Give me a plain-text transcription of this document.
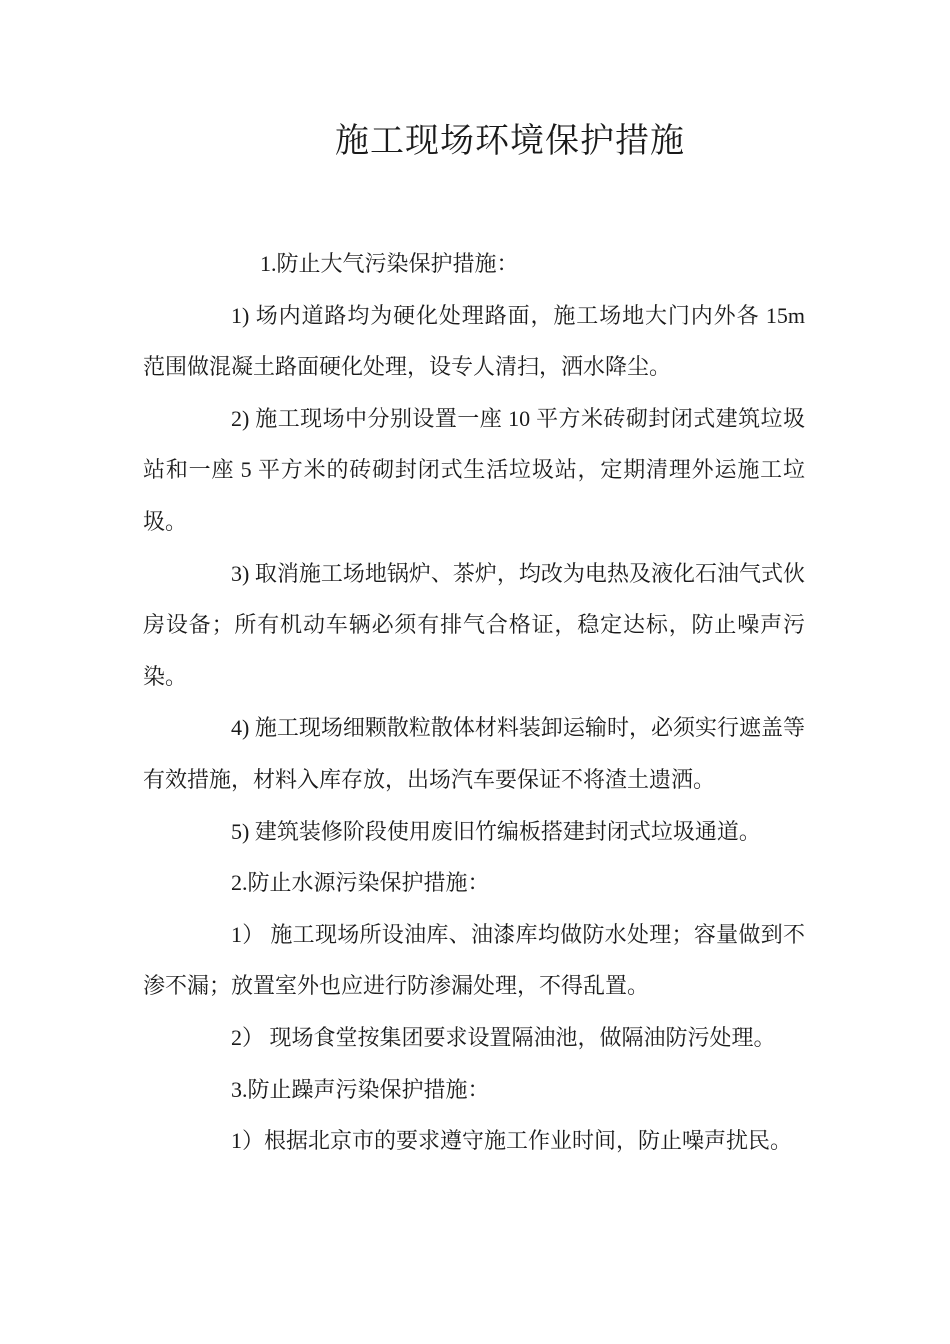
施工现场环境保护措施

1.防止大气污染保护措施：

1) 场内道路均为硬化处理路面，施工场地大门内外各 15m 范围做混凝土路面硬化处理，设专人清扫，洒水降尘。

2) 施工现场中分别设置一座 10 平方米砖砌封闭式建筑垃圾站和一座 5 平方米的砖砌封闭式生活垃圾站，定期清理外运施工垃圾。

3) 取消施工场地锅炉、茶炉，均改为电热及液化石油气式伙房设备；所有机动车辆必须有排气合格证，稳定达标，防止噪声污染。

4) 施工现场细颗散粒散体材料装卸运输时，必须实行遮盖等有效措施，材料入库存放，出场汽车要保证不将渣土遗洒。

5) 建筑装修阶段使用废旧竹编板搭建封闭式垃圾通道。

2.防止水源污染保护措施：

1） 施工现场所设油库、油漆库均做防水处理；容量做到不渗不漏；放置室外也应进行防渗漏处理，不得乱置。

2） 现场食堂按集团要求设置隔油池，做隔油防污处理。

3.防止躁声污染保护措施：

1）根据北京市的要求遵守施工作业时间，防止噪声扰民。
